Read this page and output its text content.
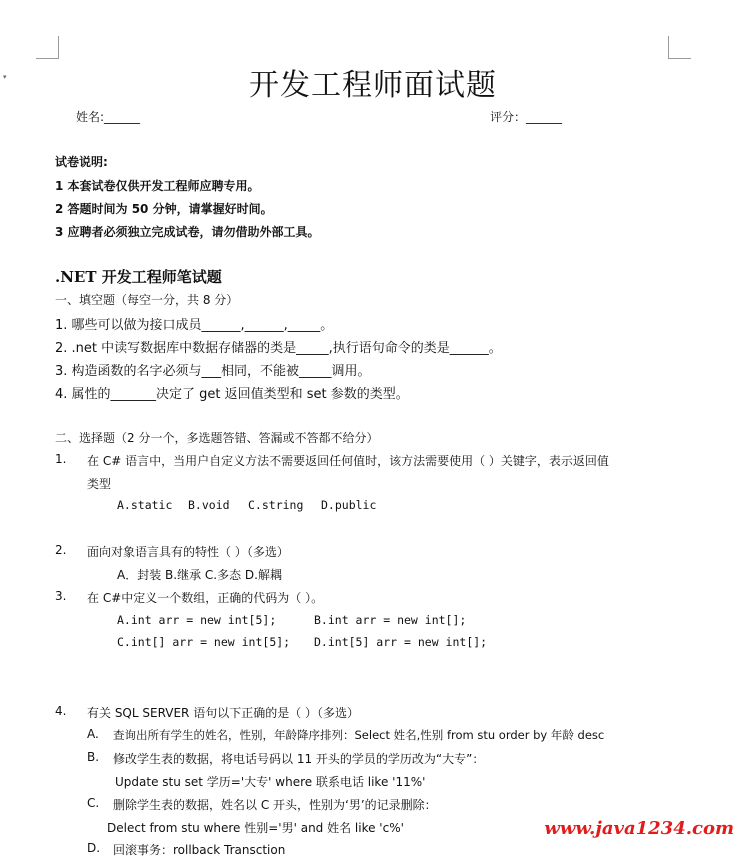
▾	开发工程师面试题
姓名:______	评分：______
试卷说明:
1 本套试卷仅供开发工程师应聘专用。
2 答题时间为 50 分钟，请掌握好时间。
3 应聘者必须独立完成试卷，请勿借助外部工具。
.NET 开发工程师笔试题
一、填空题（每空一分，共 8 分）
1. 哪些可以做为接口成员______,______,_____。
2. .net 中读写数据库中数据存储器的类是_____,执行语句命令的类是______。
3. 构造函数的名字必须与___相同，不能被_____调用。
4. 属性的_______决定了 get 返回值类型和 set 参数的类型。
二、选择题（2 分一个，多选题答错、答漏或不答都不给分）
1. 在 C# 语言中，当用户自定义方法不需要返回任何值时，该方法需要使用（ ）关键字，表示返回值
类型
A.static B.void C.string D.public
2. 面向对象语言具有的特性（ ）（多选）
A．封装 B.继承 C.多态 D.解耦
3. 在 C#中定义一个数组，正确的代码为（ ）。
A.int arr = new int[5];	B.int arr = new int[];
C.int[] arr = new int[5]; D.int[5] arr = new int[];
4. 有关 SQL SERVER 语句以下正确的是（ ）（多选）
A. 查询出所有学生的姓名，性别，年龄降序排列：Select 姓名,性别 from stu order by 年龄 desc
B. 修改学生表的数据，将电话号码以 11 开头的学员的学历改为“大专”：
Update stu set 学历='大专' where 联系电话 like '11%'
C. 删除学生表的数据，姓名以 C 开头，性别为‘男’的记录删除：
Delect from stu where 性别='男' and 姓名 like 'c%'
D. 回滚事务：rollback Transction
www.java1234.com
